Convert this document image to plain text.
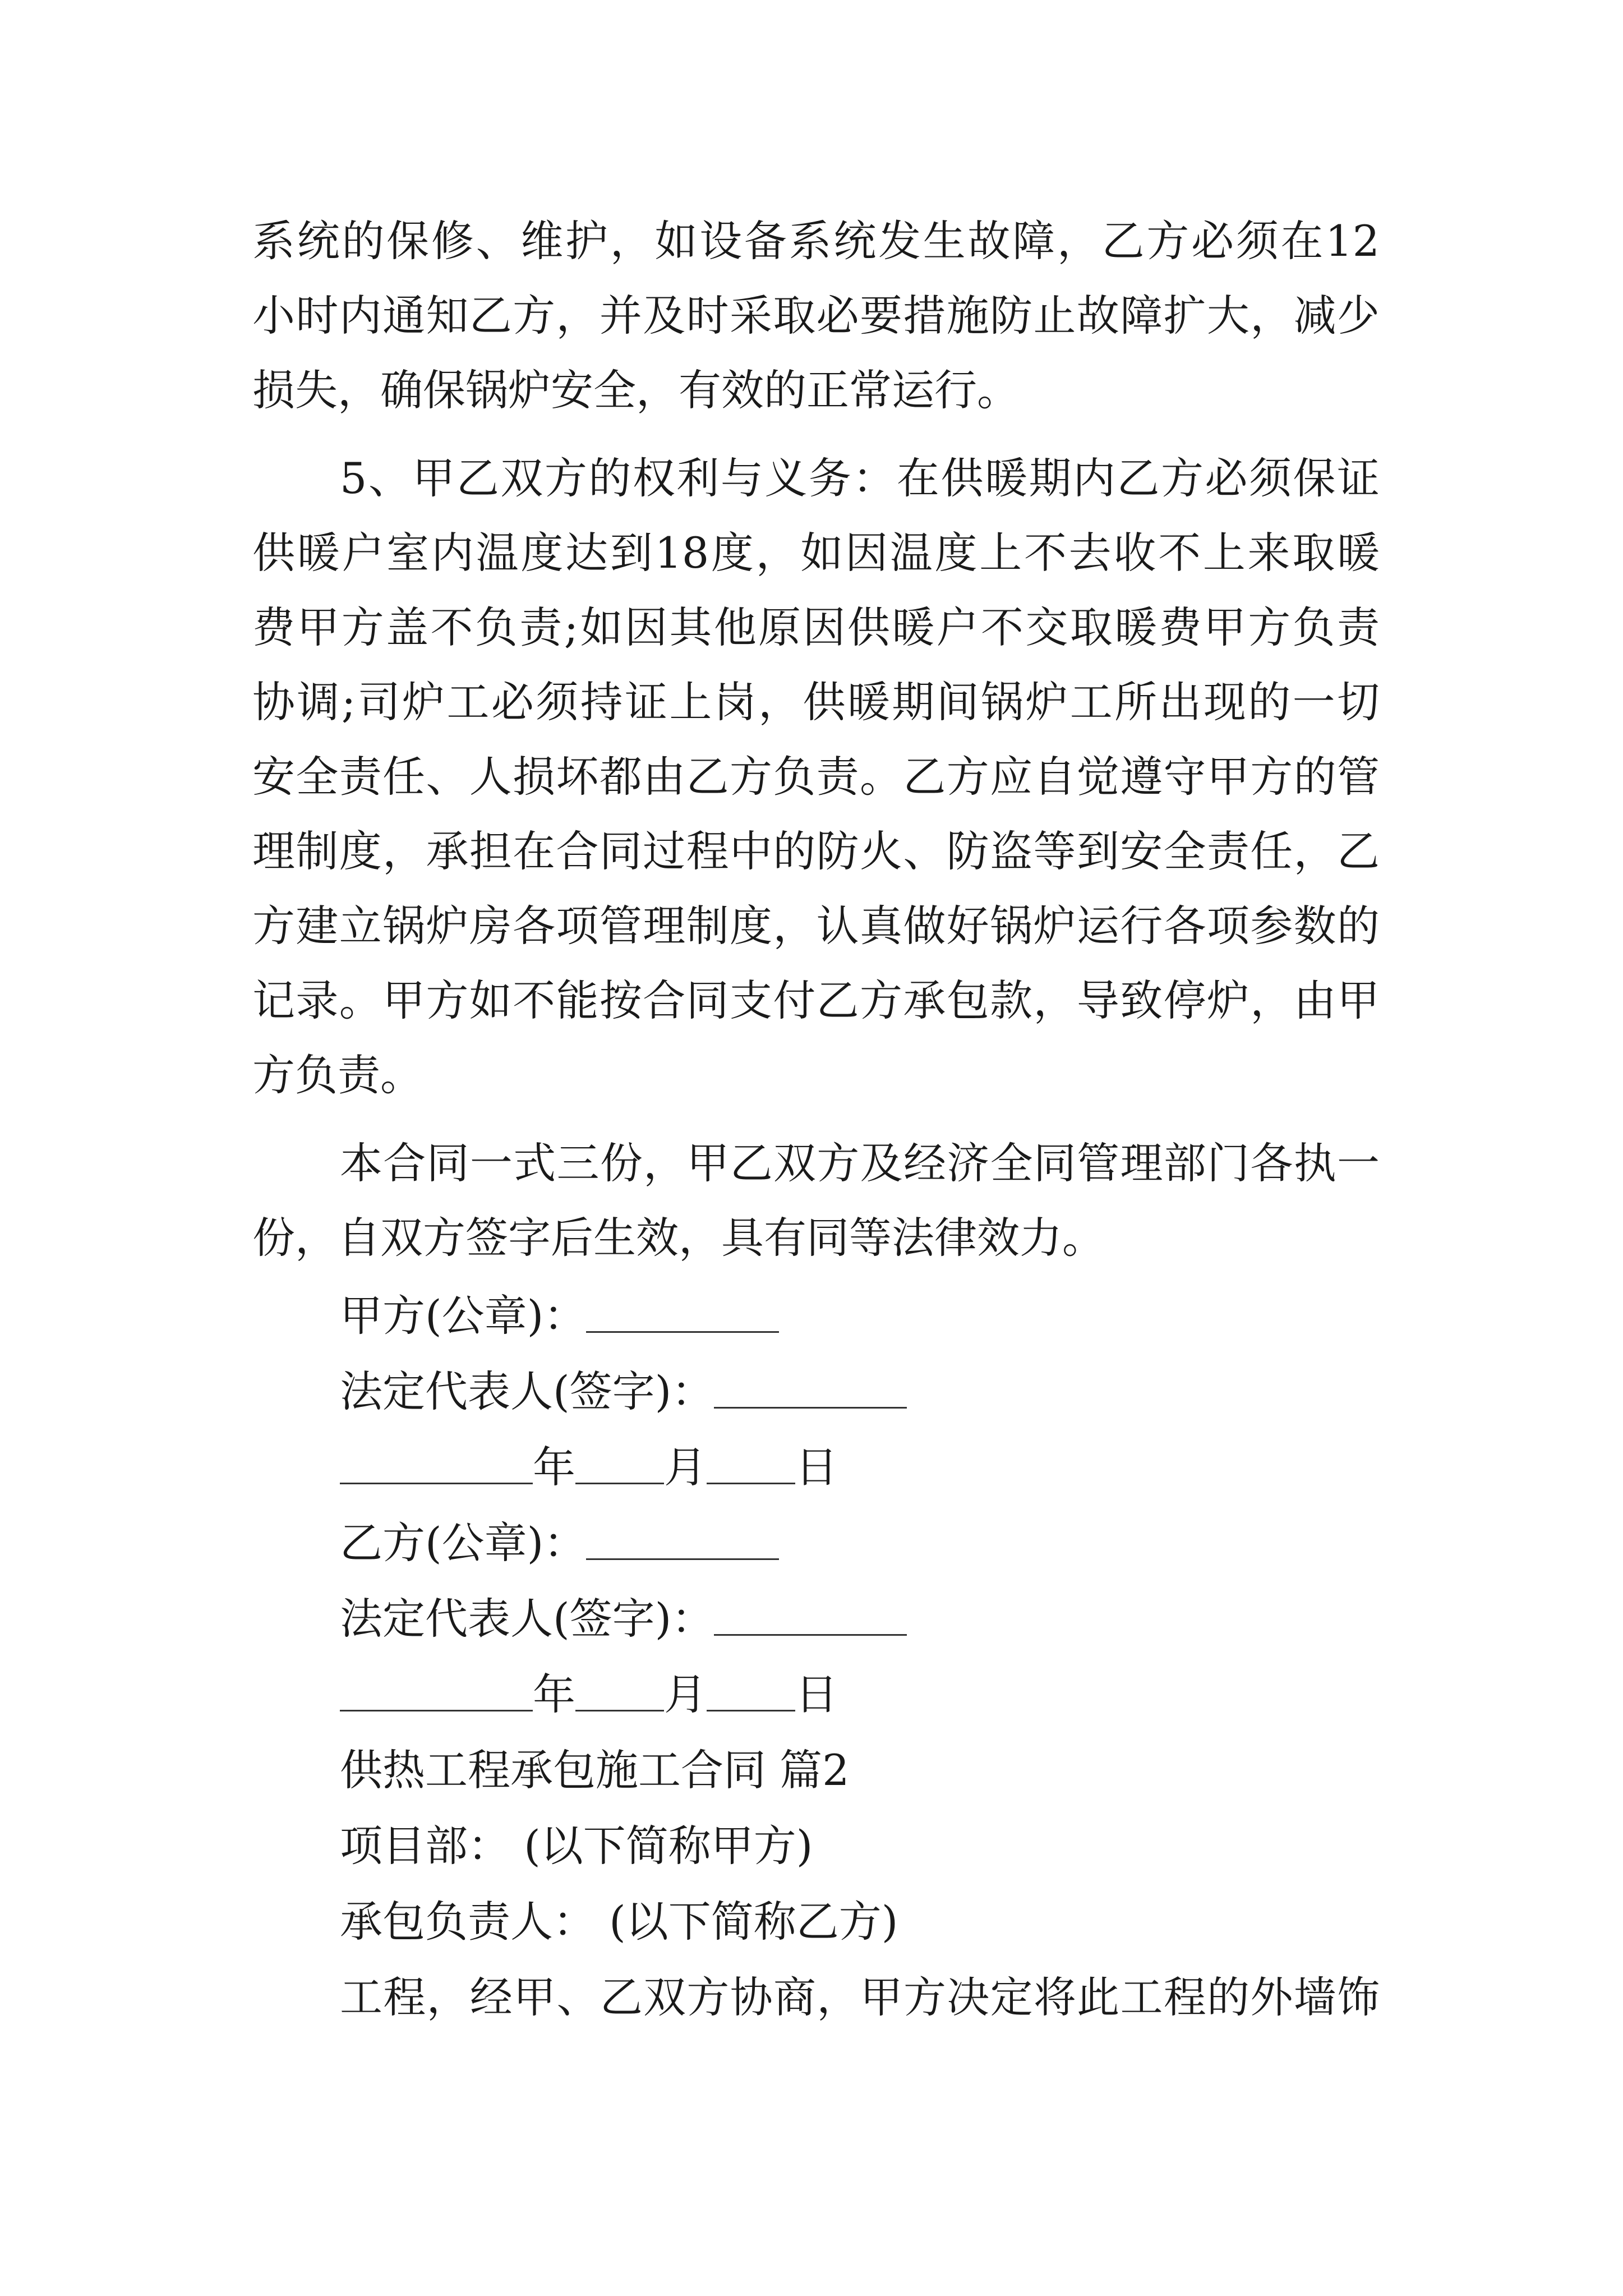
系统的保修、维护，如设备系统发生故障，乙方必须在12
小时内通知乙方，并及时采取必要措施防止故障扩大，减少
损失，确保锅炉安全，有效的正常运行。
5、甲乙双方的权利与义务：在供暖期内乙方必须保证
供暖户室内温度达到18度，如因温度上不去收不上来取暖
费甲方盖不负责;如因其他原因供暖户不交取暖费甲方负责
协调;司炉工必须持证上岗，供暖期间锅炉工所出现的一切
安全责任、人损坏都由乙方负责。乙方应自觉遵守甲方的管
理制度，承担在合同过程中的防火、防盗等到安全责任，乙
方建立锅炉房各项管理制度，认真做好锅炉运行各项参数的
记录。甲方如不能按合同支付乙方承包款，导致停炉，由甲
方负责。
本合同一式三份，甲乙双方及经济全同管理部门各执一
份，自双方签字后生效，具有同等法律效力。
甲方(公章)：
法定代表人(签字)：
年 月 日
乙方(公章)：
法定代表人(签字)：
年 月 日
供热工程承包施工合同 篇2
项目部： (以下简称甲方)
承包负责人： (以下简称乙方)
工程，经甲、乙双方协商，甲方决定将此工程的外墙饰
